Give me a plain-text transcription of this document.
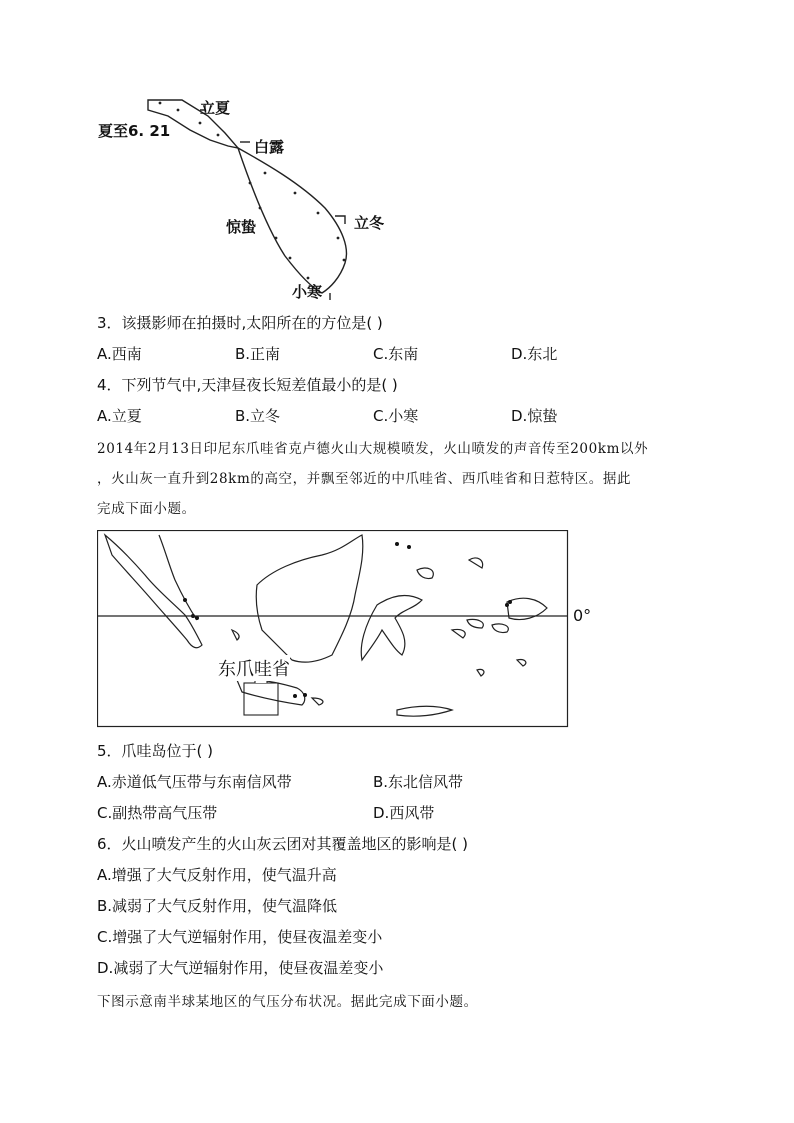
夏至6. 21
立夏
白露
惊蛰	立冬
小寒
3．该摄影师在拍摄时,太阳所在的方位是( )
A.西南	B.正南	C.东南	D.东北
4．下列节气中,天津昼夜长短差值最小的是( )
A.立夏	B.立冬	C.小寒	D.惊蛰
2014年2月13日印尼东爪哇省克卢德火山大规模喷发，火山喷发的声音传至200km以外
，火山灰一直升到28km的高空，并飘至邻近的中爪哇省、西爪哇省和日惹特区。据此
完成下面小题。
东爪哇省
0°
5．爪哇岛位于( )
A.赤道低气压带与东南信风带	B.东北信风带
C.副热带高气压带	D.西风带
6．火山喷发产生的火山灰云团对其覆盖地区的影响是( )
A.增强了大气反射作用，使气温升高
B.减弱了大气反射作用，使气温降低
C.增强了大气逆辐射作用，使昼夜温差变小
D.减弱了大气逆辐射作用，使昼夜温差变小
下图示意南半球某地区的气压分布状况。据此完成下面小题。
